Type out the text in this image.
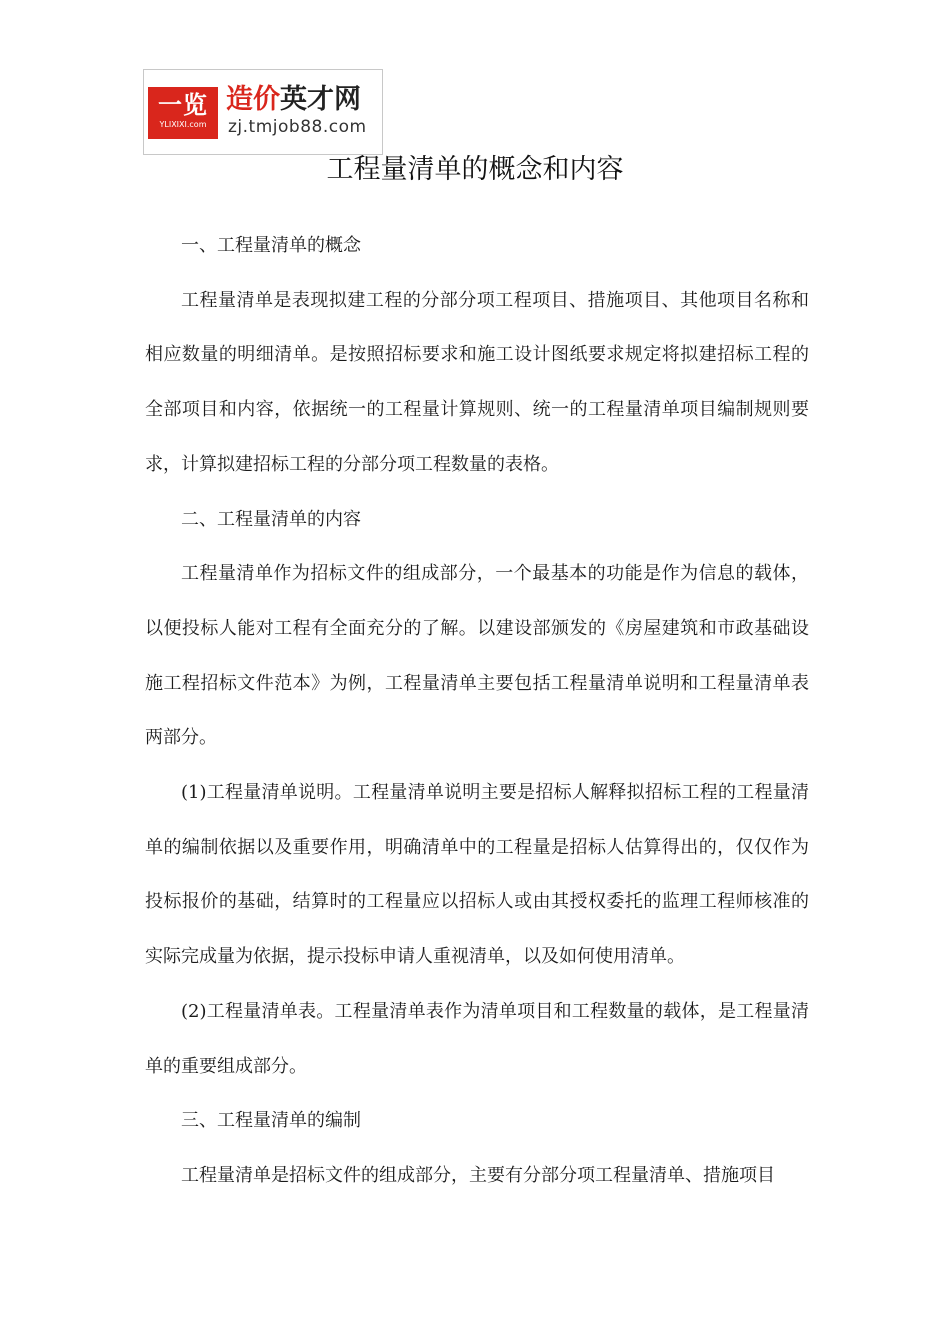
一览
YLIXIXI.com
造价英才网
zj.tmjob88.com
工程量清单的概念和内容

一、工程量清单的概念

工程量清单是表现拟建工程的分部分项工程项目、措施项目、其他项目名称和相应数量的明细清单。是按照招标要求和施工设计图纸要求规定将拟建招标工程的全部项目和内容，依据统一的工程量计算规则、统一的工程量清单项目编制规则要求，计算拟建招标工程的分部分项工程数量的表格。

二、工程量清单的内容

工程量清单作为招标文件的组成部分，一个最基本的功能是作为信息的载体，以便投标人能对工程有全面充分的了解。以建设部颁发的《房屋建筑和市政基础设施工程招标文件范本》为例，工程量清单主要包括工程量清单说明和工程量清单表两部分。

(1)工程量清单说明。工程量清单说明主要是招标人解释拟招标工程的工程量清单的编制依据以及重要作用，明确清单中的工程量是招标人估算得出的，仅仅作为投标报价的基础，结算时的工程量应以招标人或由其授权委托的监理工程师核准的实际完成量为依据，提示投标申请人重视清单，以及如何使用清单。

(2)工程量清单表。工程量清单表作为清单项目和工程数量的载体，是工程量清单的重要组成部分。

三、工程量清单的编制

工程量清单是招标文件的组成部分，主要有分部分项工程量清单、措施项目
